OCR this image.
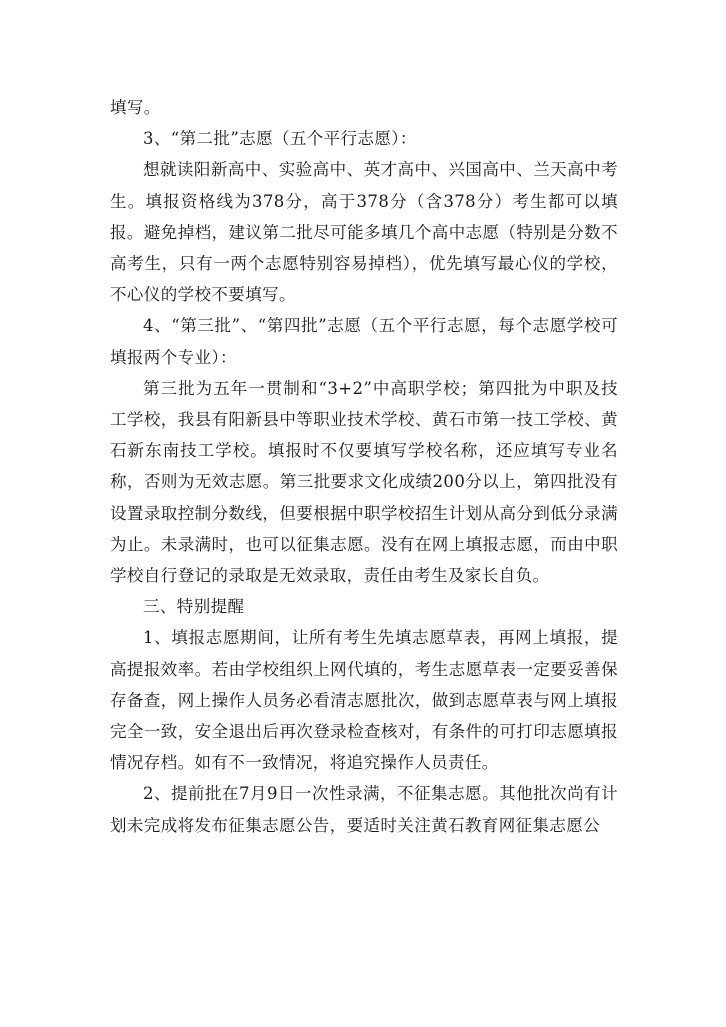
填写。

3、“第二批”志愿（五个平行志愿）：

想就读阳新高中、实验高中、英才高中、兴国高中、兰天高中考生。填报资格线为378分，高于378分（含378分）考生都可以填报。避免掉档，建议第二批尽可能多填几个高中志愿（特别是分数不高考生，只有一两个志愿特别容易掉档），优先填写最心仪的学校，不心仪的学校不要填写。

4、“第三批”、“第四批”志愿（五个平行志愿，每个志愿学校可填报两个专业）：

第三批为五年一贯制和“3+2”中高职学校；第四批为中职及技工学校，我县有阳新县中等职业技术学校、黄石市第一技工学校、黄石新东南技工学校。填报时不仅要填写学校名称，还应填写专业名称，否则为无效志愿。第三批要求文化成绩200分以上，第四批没有设置录取控制分数线，但要根据中职学校招生计划从高分到低分录满为止。未录满时，也可以征集志愿。没有在网上填报志愿，而由中职学校自行登记的录取是无效录取，责任由考生及家长自负。

三、特别提醒

1、填报志愿期间，让所有考生先填志愿草表，再网上填报，提高提报效率。若由学校组织上网代填的，考生志愿草表一定要妥善保存备查，网上操作人员务必看清志愿批次，做到志愿草表与网上填报完全一致，安全退出后再次登录检查核对，有条件的可打印志愿填报情况存档。如有不一致情况，将追究操作人员责任。

2、提前批在7月9日一次性录满，不征集志愿。其他批次尚有计划未完成将发布征集志愿公告，要适时关注黄石教育网征集志愿公
